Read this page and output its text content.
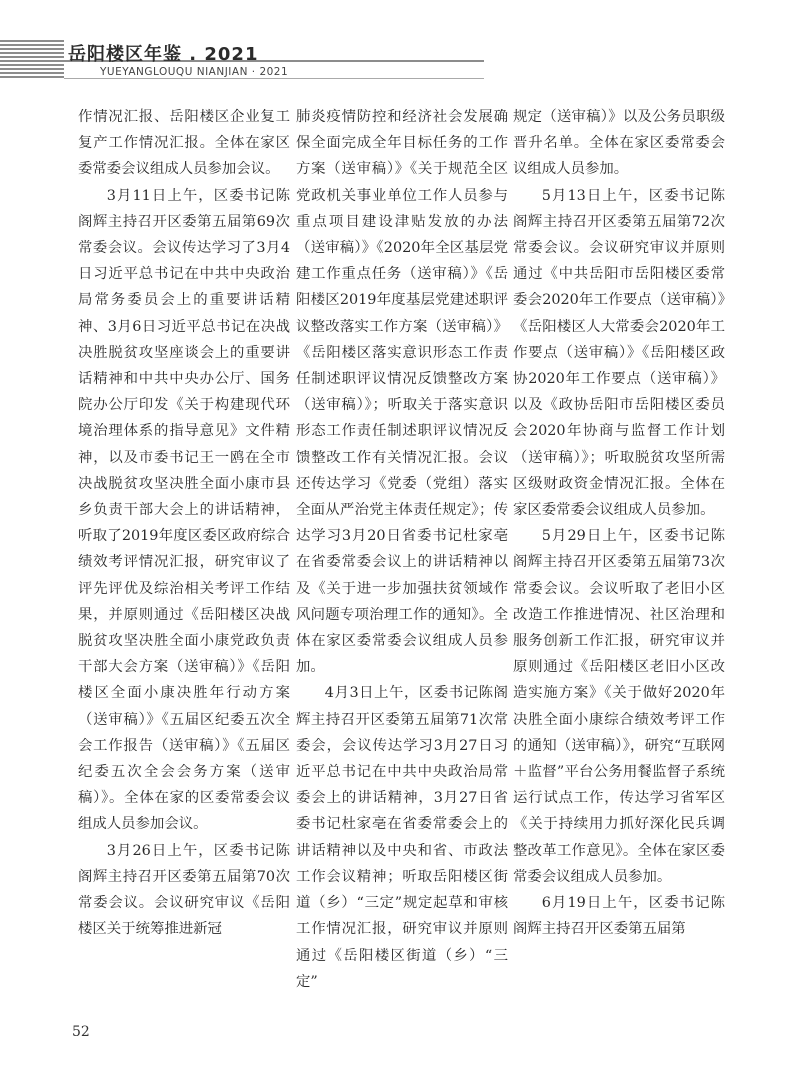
岳阳楼区年鉴 . 2021
YUEYANGLOUQU NIANJIAN · 2021

作情况汇报、岳阳楼区企业复工复产工作情况汇报。全体在家区委常委会议组成人员参加会议。

3月11日上午，区委书记陈阁辉主持召开区委第五届第69次常委会议。会议传达学习了3月4日习近平总书记在中共中央政治局常务委员会上的重要讲话精神、3月6日习近平总书记在决战决胜脱贫攻坚座谈会上的重要讲话精神和中共中央办公厅、国务院办公厅印发《关于构建现代环境治理体系的指导意见》文件精神，以及市委书记王一鸥在全市决战脱贫攻坚决胜全面小康市县乡负责干部大会上的讲话精神，听取了2019年度区委区政府综合绩效考评情况汇报，研究审议了评先评优及综治相关考评工作结果，并原则通过《岳阳楼区决战脱贫攻坚决胜全面小康党政负责干部大会方案（送审稿）》《岳阳楼区全面小康决胜年行动方案（送审稿）》《五届区纪委五次全会工作报告（送审稿）》《五届区纪委五次全会会务方案（送审稿）》。全体在家的区委常委会议组成人员参加会议。

3月26日上午，区委书记陈阁辉主持召开区委第五届第70次常委会议。会议研究审议《岳阳楼区关于统筹推进新冠

肺炎疫情防控和经济社会发展确保全面完成全年目标任务的工作方案（送审稿）》《关于规范全区党政机关事业单位工作人员参与重点项目建设津贴发放的办法（送审稿）》《2020年全区基层党建工作重点任务（送审稿）》《岳阳楼区2019年度基层党建述职评议整改落实工作方案（送审稿）》《岳阳楼区落实意识形态工作责任制述职评议情况反馈整改方案（送审稿）》；听取关于落实意识形态工作责任制述职评议情况反馈整改工作有关情况汇报。会议还传达学习《党委（党组）落实全面从严治党主体责任规定》；传达学习3月20日省委书记杜家亳在省委常委会议上的讲话精神以及《关于进一步加强扶贫领域作风问题专项治理工作的通知》。全体在家区委常委会议组成人员参加。

4月3日上午，区委书记陈阁辉主持召开区委第五届第71次常委会，会议传达学习3月27日习近平总书记在中共中央政治局常委会上的讲话精神，3月27日省委书记杜家亳在省委常委会上的讲话精神以及中央和省、市政法工作会议精神；听取岳阳楼区街道（乡）“三定”规定起草和审核工作情况汇报，研究审议并原则通过《岳阳楼区街道（乡）“三定”

规定（送审稿）》以及公务员职级晋升名单。全体在家区委常委会议组成人员参加。

5月13日上午，区委书记陈阁辉主持召开区委第五届第72次常委会议。会议研究审议并原则通过《中共岳阳市岳阳楼区委常委会2020年工作要点（送审稿）》《岳阳楼区人大常委会2020年工作要点（送审稿）》《岳阳楼区政协2020年工作要点（送审稿）》以及《政协岳阳市岳阳楼区委员会2020年协商与监督工作计划（送审稿）》；听取脱贫攻坚所需区级财政资金情况汇报。全体在家区委常委会议组成人员参加。

5月29日上午，区委书记陈阁辉主持召开区委第五届第73次常委会议。会议听取了老旧小区改造工作推进情况、社区治理和服务创新工作汇报，研究审议并原则通过《岳阳楼区老旧小区改造实施方案》《关于做好2020年决胜全面小康综合绩效考评工作的通知（送审稿）》，研究“互联网＋监督”平台公务用餐监督子系统运行试点工作，传达学习省军区《关于持续用力抓好深化民兵调整改革工作意见》。全体在家区委常委会议组成人员参加。

6月19日上午，区委书记陈阁辉主持召开区委第五届第

52
